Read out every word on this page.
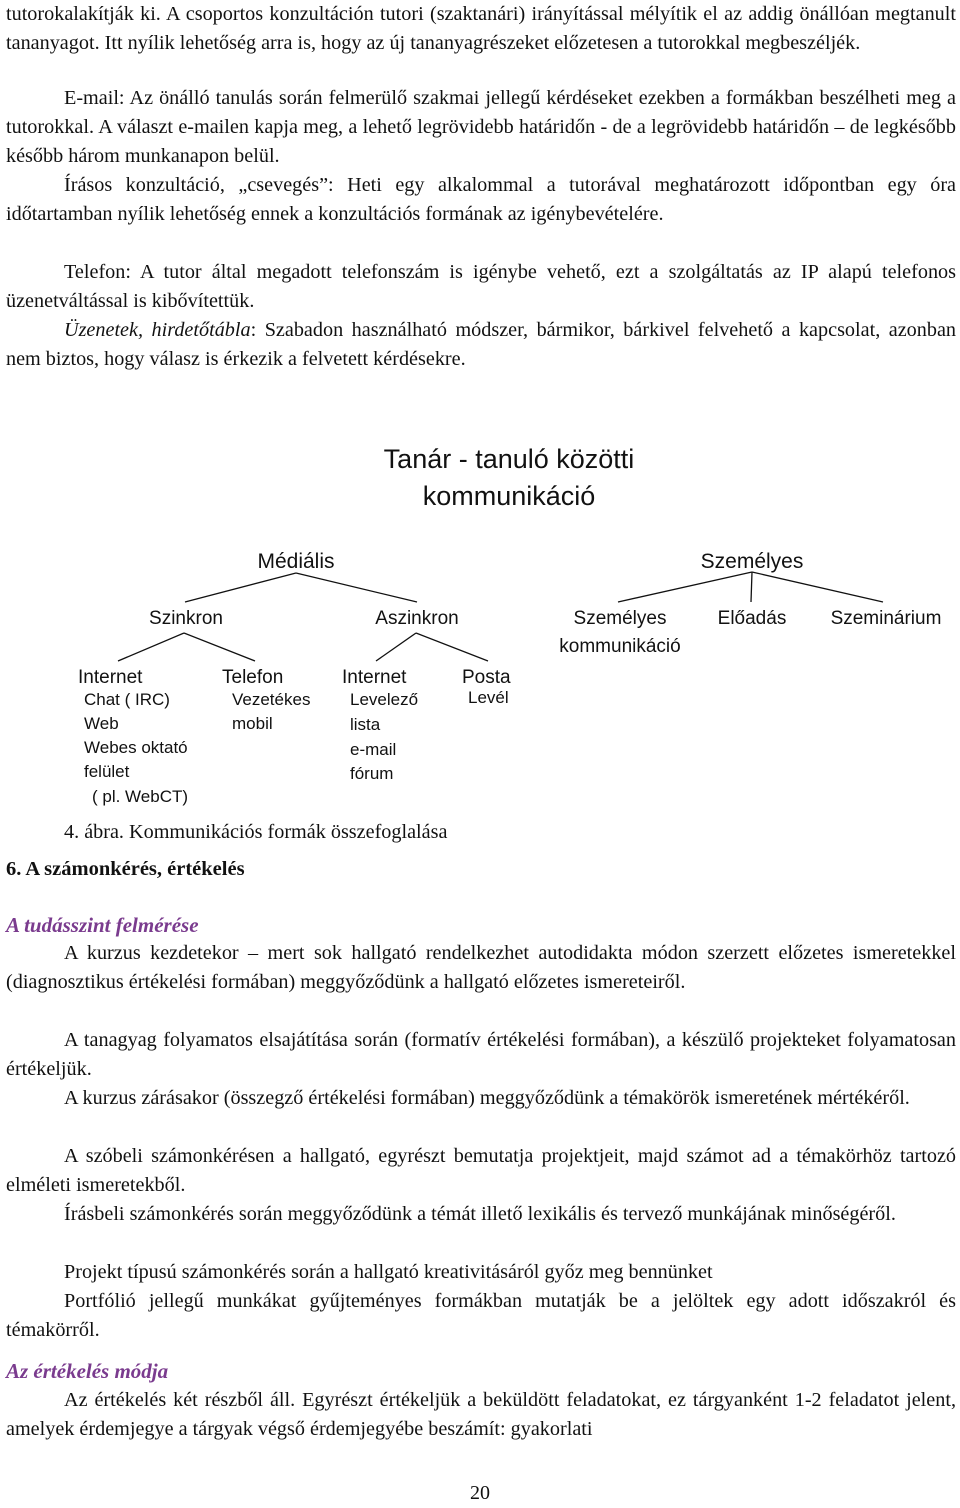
tutorokalakítják ki. A csoportos konzultáción tutori (szaktanári) irányítással mélyítik el az addig önállóan megtanult tananyagot. Itt nyílik lehetőség arra is, hogy az új tananyagrészeket előzetesen a tutorokkal megbeszéljék.

E-mail: Az önálló tanulás során felmerülő szakmai jellegű kérdéseket ezekben a formákban beszélheti meg a tutorokkal. A választ e-mailen kapja meg, a lehető legrövidebb határidőn - de a legrövidebb határidőn – de legkésőbb később három munkanapon belül.

Írásos konzultáció, „csevegés”: Heti egy alkalommal a tutorával meghatározott időpontban egy óra időtartamban nyílik lehetőség ennek a konzultációs formának az igénybevételére.

Telefon: A tutor által megadott telefonszám is igénybe vehető, ezt a szolgáltatás az IP alapú telefonos üzenetváltással is kibővítettük.

Üzenetek, hirdetőtábla: Szabadon használható módszer, bármikor, bárkivel felvehető a kapcsolat, azonban nem biztos, hogy válasz is érkezik a felvetett kérdésekre.

Tanár - tanuló közötti
kommunikáció
Médiális	Személyes
Szinkron	Aszinkron	Személyes
kommunikáció
Előadás Szeminárium
Internet
Chat ( IRC)
Web
Webes oktató
felület
( pl. WebCT)
Telefon
Vezetékes
mobil
Internet
Levelező
lista
e-mail
fórum
Posta
Levél
4. ábra. Kommunikációs formák összefoglalása
6. A számonkérés, értékelés
A tudásszint felmérése

A kurzus kezdetekor – mert sok hallgató rendelkezhet autodidakta módon szerzett előzetes ismeretekkel (diagnosztikus értékelési formában) meggyőződünk a hallgató előzetes ismereteiről.

A tanagyag folyamatos elsajátítása során (formatív értékelési formában), a készülő projekteket folyamatosan értékeljük.

A kurzus zárásakor (összegző értékelési formában) meggyőződünk a témakörök ismeretének mértékéről.

A szóbeli számonkérésen a hallgató, egyrészt bemutatja projektjeit, majd számot ad a témakörhöz tartozó elméleti ismeretekből.

Írásbeli számonkérés során meggyőződünk a témát illető lexikális és tervező munkájának minőségéről.

Projekt típusú számonkérés során a hallgató kreativitásáról győz meg bennünket

Portfólió jellegű munkákat gyűjteményes formákban mutatják be a jelöltek egy adott időszakról és témakörről.

Az értékelés módja

Az értékelés két részből áll. Egyrészt értékeljük a beküldött feladatokat, ez tárgyanként 1-2 feladatot jelent, amelyek érdemjegye a tárgyak végső érdemjegyébe beszámít: gyakorlati

20
